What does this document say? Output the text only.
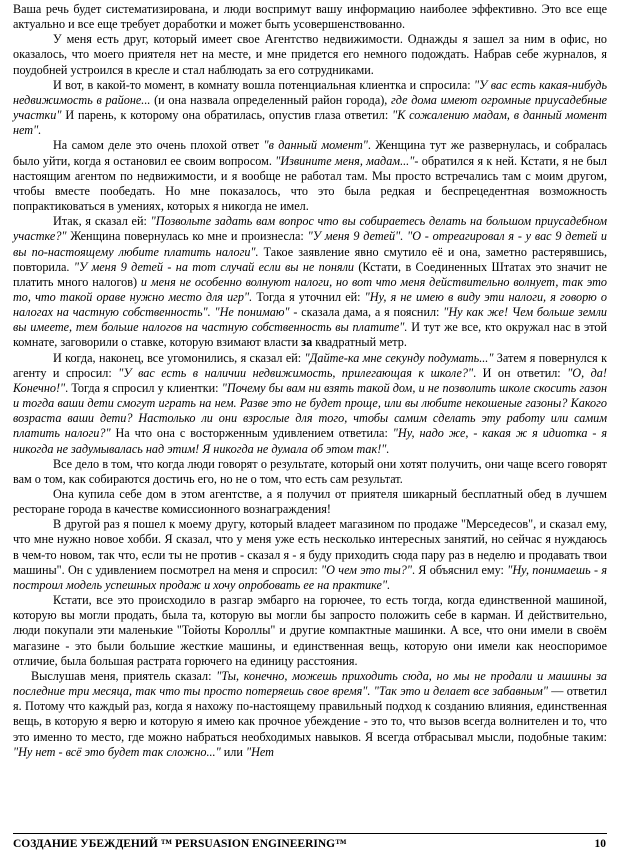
Ваша речь будет систематизирована, и люди воспримут вашу информацию наиболее эффективно. Это все еще актуально и все еще требует доработки и может быть усовершенствованно.

У меня есть друг, который имеет свое Агентство недвижимости. Однажды я зашел за ним в офис, но оказалось, что моего приятеля нет на месте, и мне придется его немного подождать. Набрав себе журналов, я поудобней устроился в кресле и стал наблюдать за его сотрудниками.

И вот, в какой-то момент, в комнату вошла потенциальная клиентка и спросила: "У вас есть какая-нибудь недвижимость в районе... (и она назвала определенный район города), где дома имеют огромные приусадебные участки" И парень, к которому она обратилась, опустив глаза ответил: "К сожалению мадам, в данный момент нет".

На самом деле это очень плохой ответ "в данный момент". Женщина тут же развернулась, и собралась было уйти, когда я остановил ее своим вопросом. "Извините меня, мадам..."- обратился я к ней. Кстати, я не был настоящим агентом по недвижимости, и я вообще не работал там. Мы просто встречались там с моим другом, чтобы вместе пообедать. Но мне показалось, что это была редкая и беспрецедентная возможность попрактиковаться в умениях, которых я никогда не имел.

Итак, я сказал ей: "Позвольте задать вам вопрос что вы собираетесь делать на большом приусадебном участке?" Женщина повернулась ко мне и произнесла: "У меня 9 детей". "О - отреагировал я - у вас 9 детей и вы по-настоящему любите платить налоги". Такое заявление явно смутило её и она, заметно растерявшись, повторила. "У меня 9 детей - на тот случай если вы не поняли (Кстати, в Соединенных Штатах это значит не платить много налогов) и меня не особенно волнуют налоги, но вот что меня действительно волнует, так это то, что такой ораве нужно место для игр". Тогда я уточнил ей: "Ну, я не имею в виду эти налоги, я говорю о налогах на частную собственность". "Не понимаю" - сказала дама, а я пояснил: "Ну как же! Чем больше земли вы имеете, тем больше налогов на частную собственность вы платите". И тут же все, кто окружал нас в этой комнате, заговорили о ставке, которую взимают власти за квадратный метр.

И когда, наконец, все угомонились, я сказал ей: "Дайте-ка мне секунду подумать..." Затем я повернулся к агенту и спросил: "У вас есть в наличии недвижимость, прилегающая к школе?". И он ответил: "О, да! Конечно!". Тогда я спросил у клиентки: "Почему бы вам ни взять такой дом, и не позволить школе скосить газон и тогда ваши дети смогут играть на нем. Разве это не будет проще, или вы любите некошеные газоны? Какого возраста ваши дети? Настолько ли они взрослые для того, чтобы самим сделать эту работу или самим платить налоги?" На что она с восторженным удивлением ответила: "Ну, надо же, - какая ж я идиотка - я никогда не задумывалась над этим! Я никогда не думала об этом так!".

Все дело в том, что когда люди говорят о результате, который они хотят получить, они чаще всего говорят вам о том, как собираются достичь его, но не о том, что есть сам результат.

Она купила себе дом в этом агентстве, а я получил от приятеля шикарный бесплатный обед в лучшем ресторане города в качестве комиссионного вознаграждения!

В другой раз я пошел к моему другу, который владеет магазином по продаже "Мерседесов", и сказал ему, что мне нужно новое хобби. Я сказал, что у меня уже есть несколько интересных занятий, но сейчас я нуждаюсь в чем-то новом, так что, если ты не против - сказал я - я буду приходить сюда пару раз в неделю и продавать твои машины". Он с удивлением посмотрел на меня и спросил: "О чем это ты?". Я объяснил ему: "Ну, понимаешь - я построил модель успешных продаж и хочу опробовать ее на практике".

Кстати, все это происходило в разгар эмбарго на горючее, то есть тогда, когда единственной машиной, которую вы могли продать, была та, которую вы могли бы запросто положить себе в карман. И действительно, люди покупали эти маленькие "Тойоты Короллы" и другие компактные машинки. А все, что они имели в своём магазине - это были большие жесткие машины, и единственная вещь, которую они имели как неоспоримое отличие, была большая растрата горючего на единицу расстояния.

Выслушав меня, приятель сказал: "Ты, конечно, можешь приходить сюда, но мы не продали и машины за последние три месяца, так что ты просто потеряешь свое время". "Так это и делает все забавным" — ответил я. Потому что каждый раз, когда я нахожу по-настоящему правильный подход к созданию влияния, единственная вещь, в которую я верю и которую я имею как прочное убеждение - это то, что вызов всегда волнителен и то, что это именно то место, где можно набраться необходимых навыков. Я всегда отбрасывал мысли, подобные таким: "Ну нет - всё это будет так сложно..." или "Нет

СОЗДАНИЕ УБЕЖДЕНИЙ ™ PERSUASION ENGINEERING™	10
